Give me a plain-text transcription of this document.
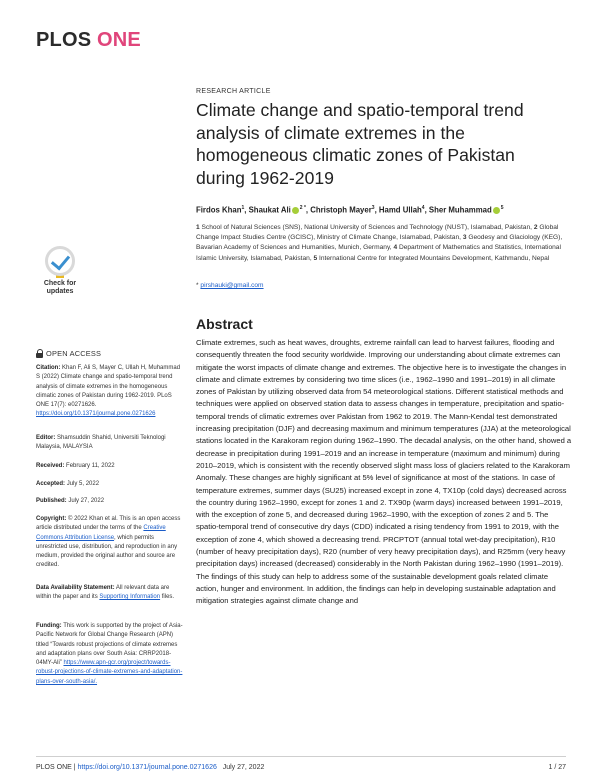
PLOS ONE
Check for
updates
RESEARCH ARTICLE
Climate change and spatio-temporal trend analysis of climate extremes in the homogeneous climatic zones of Pakistan during 1962-2019
Firdos Khan$^1$, Shaukat Ali $^{2 *}$, Christoph Mayer$^3$, Hamd Ullah$^4$, Sher Muhammad $^5$
1 School of Natural Sciences (SNS), National University of Sciences and Technology (NUST), Islamabad, Pakistan, 2 Global Change Impact Studies Centre (GCISC), Ministry of Climate Change, Islamabad, Pakistan, 3 Geodesy and Glaciology (KEG), Bavarian Academy of Sciences and Humanities, Munich, Germany, 4 Department of Mathematics and Statistics, International Islamic University, Islamabad, Pakistan, 5 International Centre for Integrated Mountains Development, Kathmandu, Nepal
* pirshauki@gmail.com
Abstract

Climate extremes, such as heat waves, droughts, extreme rainfall can lead to harvest failures, flooding and consequently threaten the food security worldwide. Improving our understanding about climate extremes can mitigate the worst impacts of climate change and extremes. The objective here is to investigate the changes in climate and climate extremes by considering two time slices (i.e., 1962–1990 and 1991–2019) in all climate zones of Pakistan by utilizing observed data from 54 meteorological stations. Different statistical methods and techniques were applied on observed station data to assess changes in temperature, precipitation and spatio-temporal trends of climatic extremes over Pakistan from 1962 to 2019. The Mann-Kendal test demonstrated increasing precipitation (DJF) and decreasing maximum and minimum temperatures (JJA) at the meteorological stations located in the Karakoram region during 1962–1990. The decadal analysis, on the other hand, showed a decrease in precipitation during 1991–2019 and an increase in temperature (maximum and minimum) during 2010–2019, which is consistent with the recently observed slight mass loss of glaciers related to the Karakoram Anomaly. These changes are highly significant at 5% level of significance at most of the stations. In case of temperature extremes, summer days (SU25) increased except in zone 4, TX10p (cold days) decreased across the country during 1962–1990, except for zones 1 and 2. TX90p (warm days) increased between 1991–2019, with the exception of zone 5, and decreased during 1962–1990, with the exception of zones 2 and 5. The spatio-temporal trend of consecutive dry days (CDD) indicated a rising tendency from 1991 to 2019, with the exception of zone 4, which showed a decreasing trend. PRCPTOT (annual total wet-day precipitation), R10 (number of heavy precipitation days), R20 (number of very heavy precipitation days), and R25mm (very heavy precipitation days) increased (decreased) considerably in the North Pakistan during 1962–1990 (1991–2019). The findings of this study can help to address some of the sustainable development goals related climate action, hunger and environment. In addition, the findings can help in developing sustainable adaptation and mitigation strategies against climate change and

OPEN ACCESS
Citation: Khan F, Ali S, Mayer C, Ullah H, Muhammad S (2022) Climate change and spatio-temporal trend analysis of climate extremes in the homogeneous climatic zones of Pakistan during 1962-2019. PLoS ONE 17(7): e0271626. https://doi.org/10.1371/journal.pone.0271626
Editor: Shamsuddin Shahid, Universiti Teknologi Malaysia, MALAYSIA
Received: February 11, 2022
Accepted: July 5, 2022
Published: July 27, 2022
Copyright: © 2022 Khan et al. This is an open access article distributed under the terms of the Creative Commons Attribution License, which permits unrestricted use, distribution, and reproduction in any medium, provided the original author and source are credited.
Data Availability Statement: All relevant data are within the paper and its Supporting Information files.
Funding: This work is supported by the project of Asia-Pacific Network for Global Change Research (APN) titled “Towards robust projections of climate extremes and adaptation plans over South Asia: CRRP2018-04MY-Ali” https://www.apn-gcr.org/project/towards-robust-projections-of-climate-extremes-and-adaptation-plans-over-south-asia/.
PLOS ONE | https://doi.org/10.1371/journal.pone.0271626 July 27, 2022	1 / 27
